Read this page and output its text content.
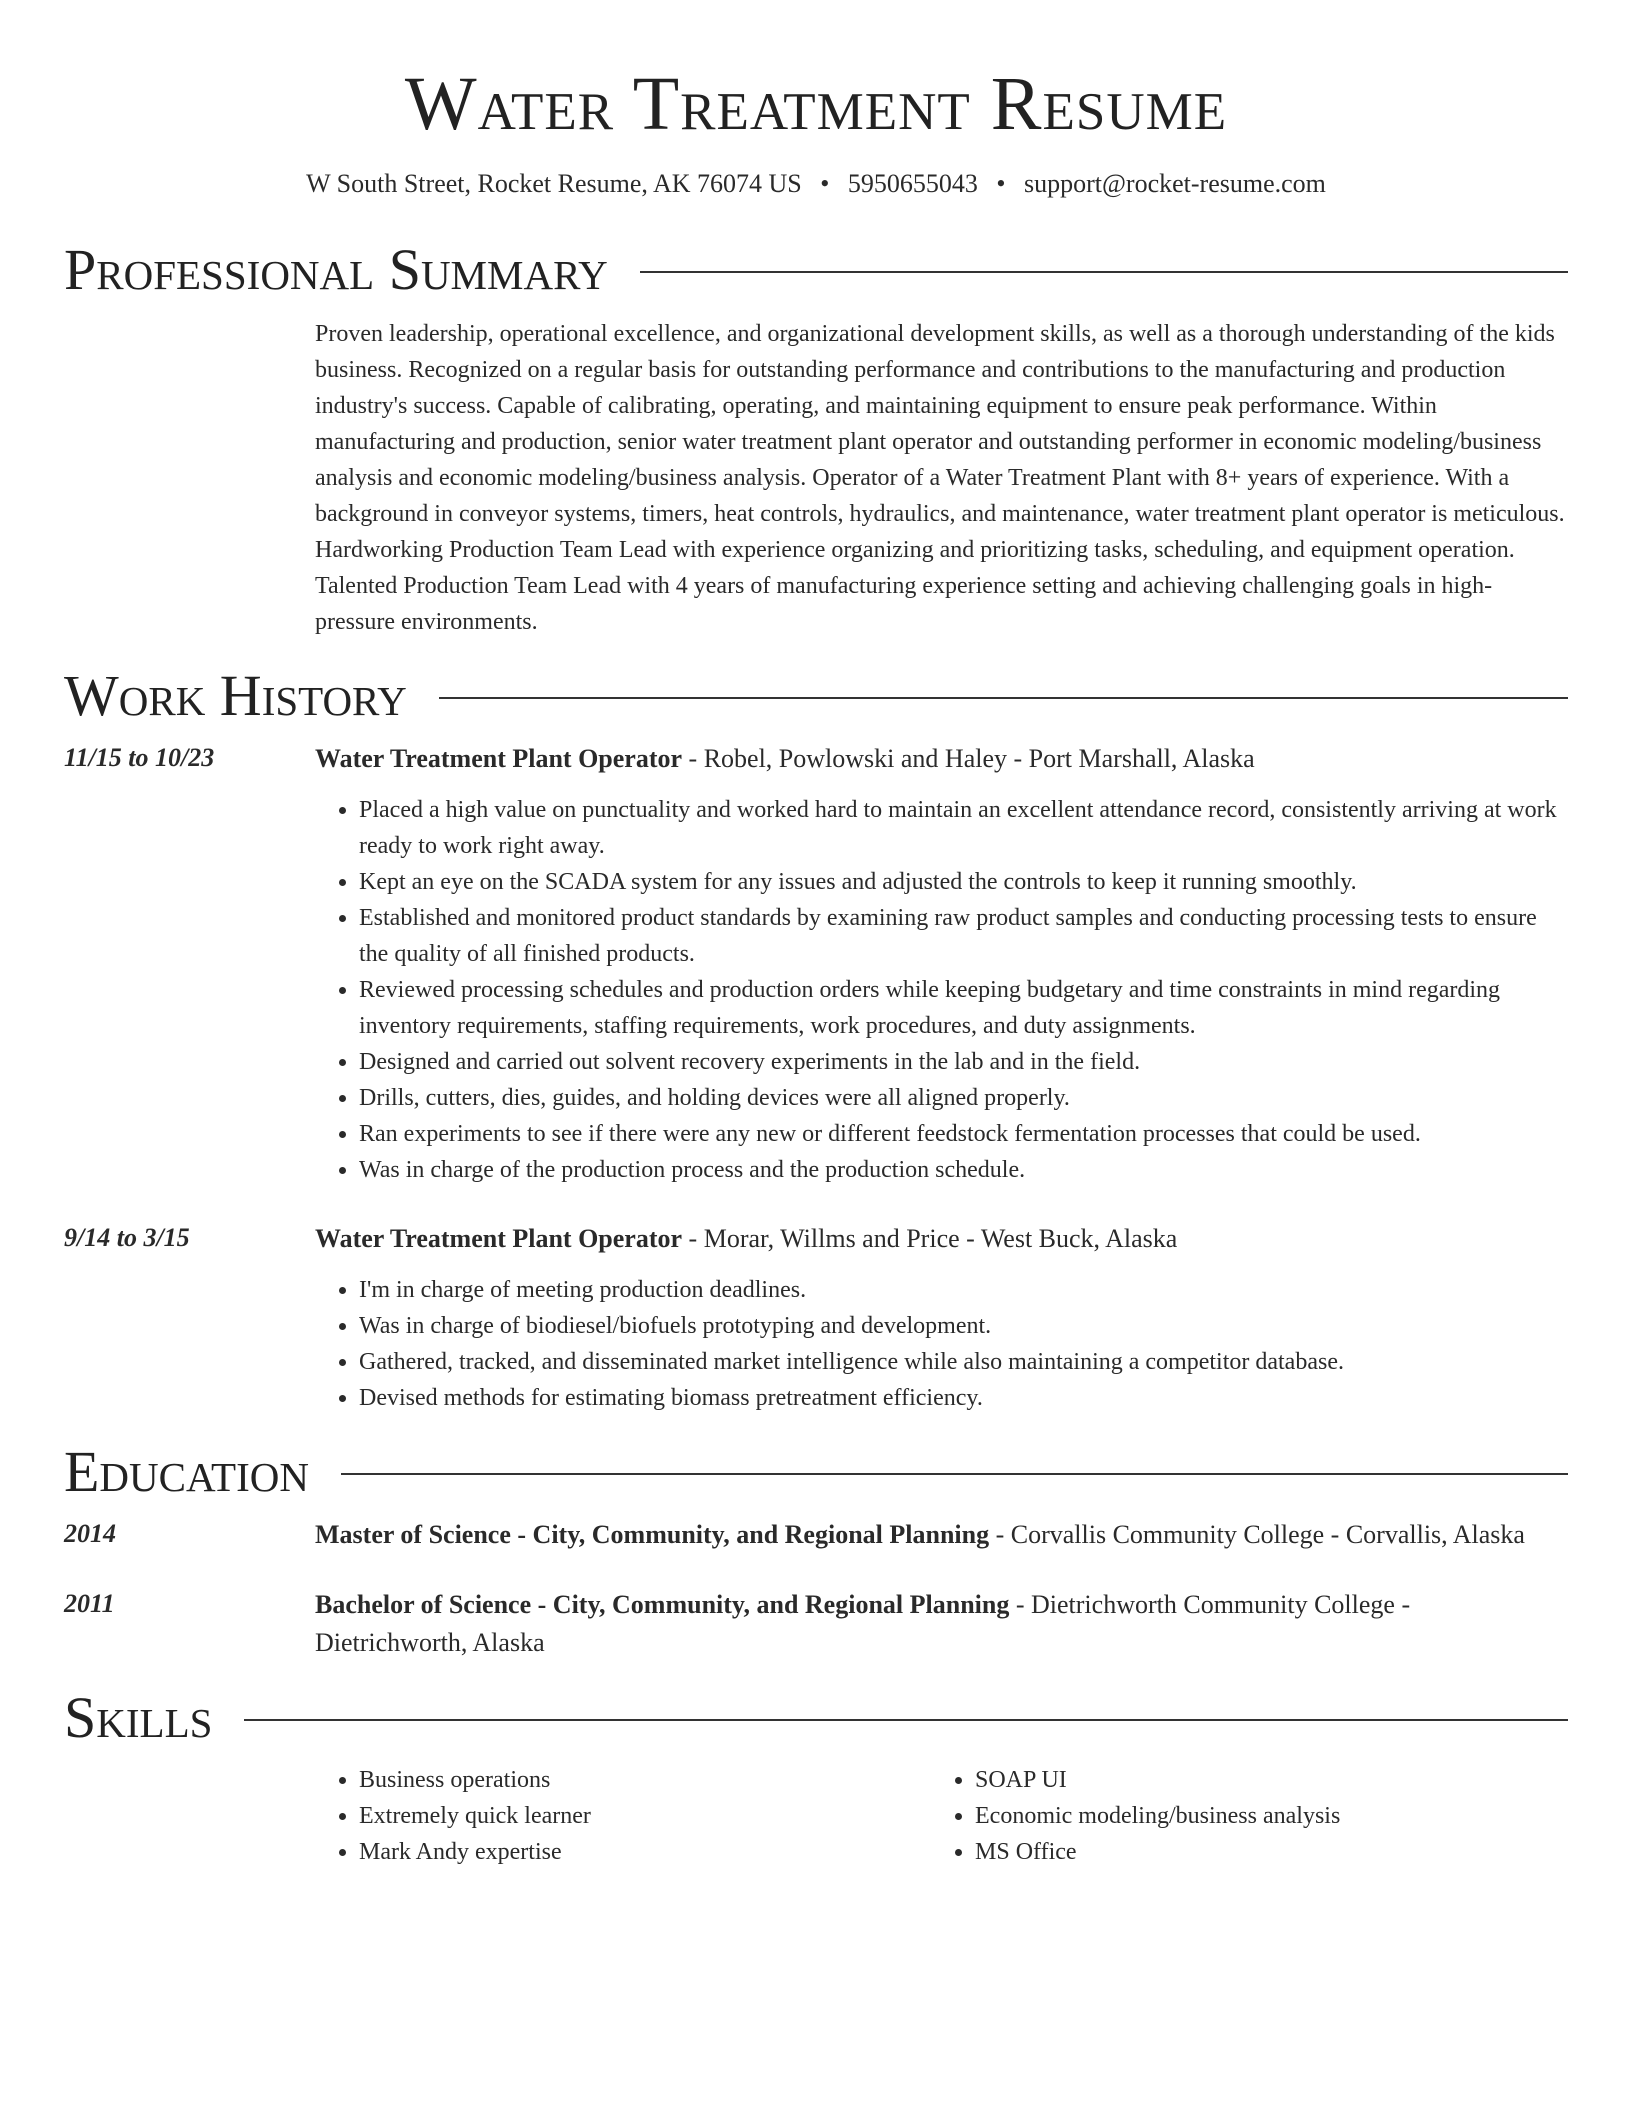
Water Treatment Resume
W South Street, Rocket Resume, AK 76074 US • 5950655043 • support@rocket-resume.com
Professional Summary

Proven leadership, operational excellence, and organizational development skills, as well as a thorough understanding of the kids business. Recognized on a regular basis for outstanding performance and contributions to the manufacturing and production industry's success. Capable of calibrating, operating, and maintaining equipment to ensure peak performance. Within manufacturing and production, senior water treatment plant operator and outstanding performer in economic modeling/business analysis and economic modeling/business analysis. Operator of a Water Treatment Plant with 8+ years of experience. With a background in conveyor systems, timers, heat controls, hydraulics, and maintenance, water treatment plant operator is meticulous. Hardworking Production Team Lead with experience organizing and prioritizing tasks, scheduling, and equipment operation. Talented Production Team Lead with 4 years of manufacturing experience setting and achieving challenging goals in high-pressure environments.

Work History
11/15 to 10/23	Water Treatment Plant Operator - Robel, Powlowski and Haley - Port Marshall, Alaska
• Placed a high value on punctuality and worked hard to maintain an excellent attendance record, consistently arriving at work ready to work right away.
• Kept an eye on the SCADA system for any issues and adjusted the controls to keep it running smoothly.
• Established and monitored product standards by examining raw product samples and conducting processing tests to ensure the quality of all finished products.
• Reviewed processing schedules and production orders while keeping budgetary and time constraints in mind regarding inventory requirements, staffing requirements, work procedures, and duty assignments.
• Designed and carried out solvent recovery experiments in the lab and in the field.
• Drills, cutters, dies, guides, and holding devices were all aligned properly.
• Ran experiments to see if there were any new or different feedstock fermentation processes that could be used.
• Was in charge of the production process and the production schedule.
9/14 to 3/15	Water Treatment Plant Operator - Morar, Willms and Price - West Buck, Alaska
• I'm in charge of meeting production deadlines.
• Was in charge of biodiesel/biofuels prototyping and development.
• Gathered, tracked, and disseminated market intelligence while also maintaining a competitor database.
• Devised methods for estimating biomass pretreatment efficiency.
Education
2014	Master of Science - City, Community, and Regional Planning - Corvallis Community College - Corvallis, Alaska
2011	Bachelor of Science - City, Community, and Regional Planning - Dietrichworth Community College - Dietrichworth, Alaska
Skills
• Business operations
• Extremely quick learner
• Mark Andy expertise
• SOAP UI
• Economic modeling/business analysis
• MS Office
